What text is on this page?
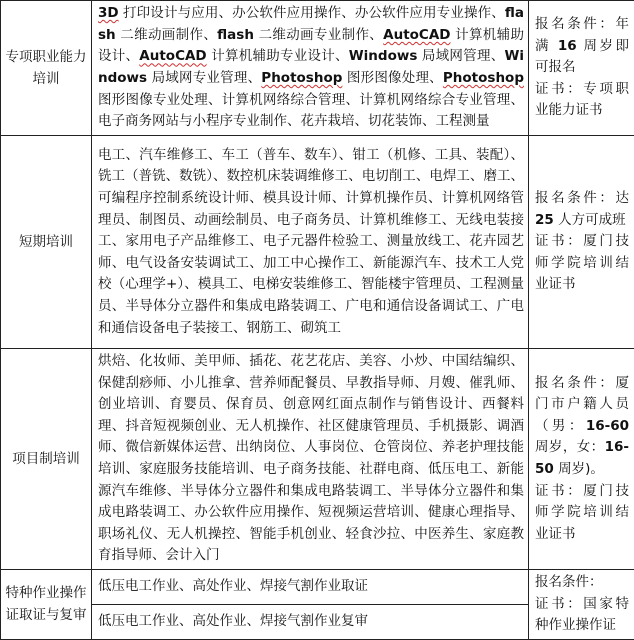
专项职业能力培训	3D 打印设计与应用、办公软件应用操作、办公软件应用专业操作、flash 二维动画制作、flash 二维动画专业制作、AutoCAD 计算机辅助设计、AutoCAD 计算机辅助专业设计、Windows 局域网管理、Windows 局域网专业管理、Photoshop 图形图像处理、Photoshop 图形图像专业处理、计算机网络综合管理、计算机网络综合专业管理、电子商务网站与小程序专业制作、花卉栽培、切花装饰、工程测量	报名条件：年满 16 周岁即可报名
证书：专项职业能力证书

短期培训	电工、汽车维修工、车工（普车、数车）、钳工（机修、工具、装配）、铣工（普铣、数铣）、数控机床装调维修工、电切削工、电焊工、磨工、可编程序控制系统设计师、模具设计师、计算机操作员、计算机网络管理员、制图员、动画绘制员、电子商务员、计算机维修工、无线电装接工、家用电子产品维修工、电子元器件检验工、测量放线工、花卉园艺师、电气设备安装调试工、加工中心操作工、新能源汽车、技术工人党校（心理学+）、模具工、电梯安装维修工、智能楼宇管理员、工程测量员、半导体分立器件和集成电路装调工、广电和通信设备调试工、广电和通信设备电子装接工、钢筋工、砌筑工	报名条件：达 25 人方可成班
证书：厦门技师学院培训结业证书

项目制培训	烘焙、化妆师、美甲师、插花、花艺花店、美容、小炒、中国结编织、保健刮痧师、小儿推拿、营养师配餐员、早教指导师、月嫂、催乳师、创业培训、育婴员、保育员、创意网红面点制作与销售设计、西餐料理、抖音短视频创业、无人机操作、社区健康管理员、手机摄影、调酒师、微信新媒体运营、出纳岗位、人事岗位、仓管岗位、养老护理技能培训、家庭服务技能培训、电子商务技能、社群电商、低压电工、新能源汽车维修、半导体分立器件和集成电路装调工、半导体分立器件和集成电路装调工、办公软件应用操作、短视频运营培训、健康心理指导、职场礼仪、无人机操控、智能手机创业、轻食沙拉、中医养生、家庭教育指导师、会计入门	报名条件：厦门市户籍人员（男：16-60 周岁，女：16-50 周岁)。
证书：厦门技师学院培训结业证书

特种作业操作证取证与复审	低压电工作业、高处作业、焊接气割作业取证	报名条件：
证书：国家特种作业操作证

	低压电工作业、高处作业、焊接气割作业复审	
